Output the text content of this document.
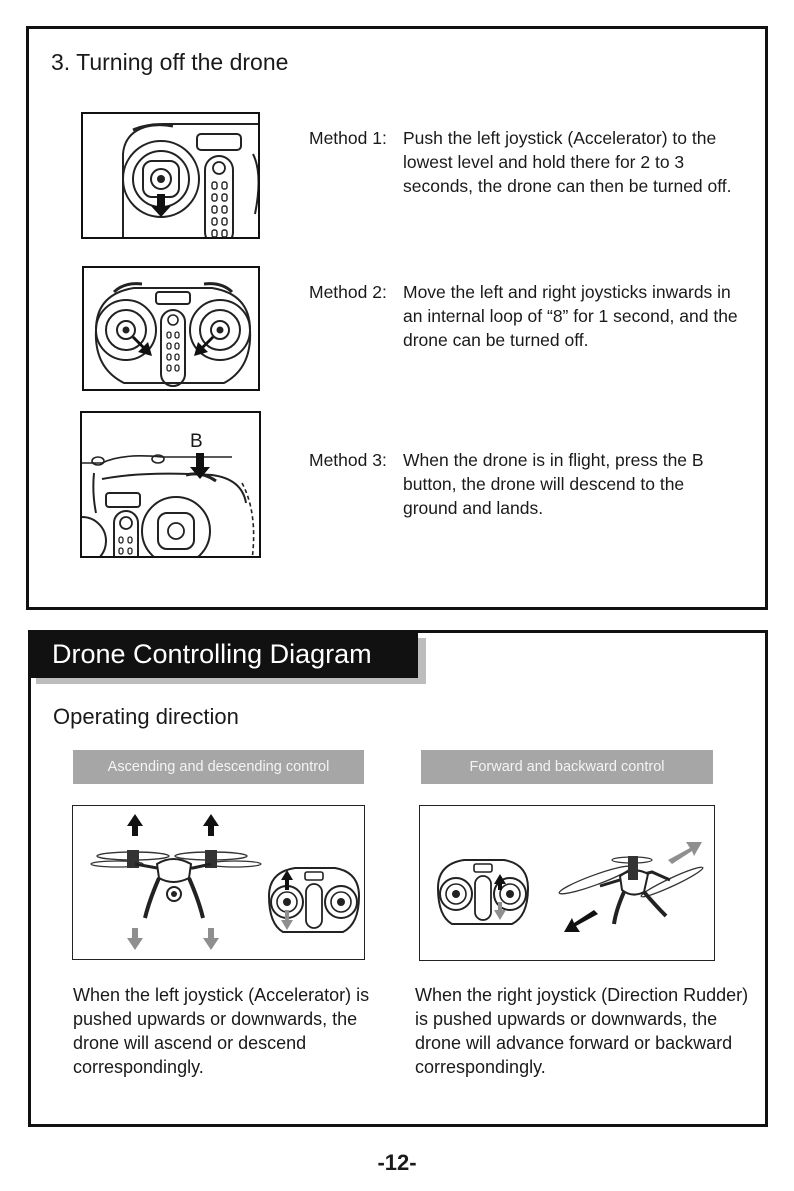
3. Turning off the drone
Method 1: Push the left joystick (Accelerator) to the lowest level and hold there for 2 to 3 seconds, the drone can then be turned off.
Method 2: Move the left and right joysticks inwards in an internal loop of “8” for 1 second, and the drone can be turned off.
B
Method 3: When the drone is in flight, press the B button, the drone will descend to the ground and lands.
Drone Controlling Diagram
Operating direction
Ascending and descending control	Forward and backward control
When the left joystick (Accelerator) is pushed upwards or downwards, the drone will ascend or descend correspondingly.
When the right joystick (Direction Rudder) is pushed upwards or downwards, the drone will advance forward or backward correspondingly.
-12-
